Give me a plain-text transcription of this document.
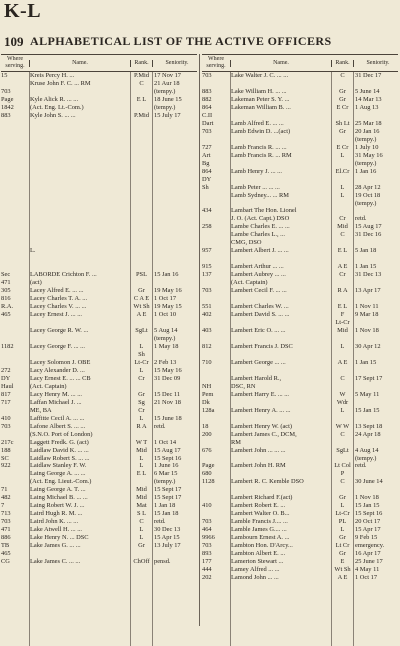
K-L
109 ALPHABETICAL LIST OF THE ACTIVE OFFICERS
Where serving.
Name.	Rank.	Seniority.
15	Kreis Percy H. ...	P.Mid 17 Nov 17
Kruse John F. C. ... RM	C	21 Aur 18
703	(tempy.)
Page	Kyle Alick R. ... ...	E L	18 June 15
1842	(Act. Eng. Lt.-Com.)	(tempy.)
883	Kyle John S. ... ...	P.Mid 15 July 17
L.
Sec	LABORDE Crichton F. ...	PSL	15 Jan 16
471	(act)
305	Lacey Alfred E. ... ...	Gr	19 May 16
816	Lacey Charles T. A. ...	C A E 1 Oct 17
R.A.	Lacey Charles V. ... ...	Wt Sh 19 May 15
465	Lacey Ernest J. ... ...	A E	1 Oct 10
Lacey George R. W. ...	SgLt 5 Aug 14
(tempy.)
1182	Lacey George F. ... ...	L	1 May 18
Sh
Lacey Solomon J. OBE	Lt-Cr 2 Feb 13
272	Lacy Alexander D. ...	L	15 May 16
DY	Lacy Ernest E. ... ... CB	Cr	31 Dec 09
Haul	(Act. Captain)
817	Lacy Henry M. ... ...	Gr	15 Dec 11
717	Laffan Michael J. ...	Sg	21 Nov 18
ME, BA	Cr
410	Laffitte Cecil A. ... ...	L	15 June 18
703	Lafone Albert S. ... ...	R A	retd.
(S.N.O. Port of London)
217c	Laggett Fredk. G. (act)	W T	1 Oct 14
188	Laidlaw David K. ... ...	Mid	15 Aug 17
SC	Laidlaw Robert S. ... ...	L	15 Sept 16
922	Laidlaw Stanley F. W.	L	1 June 16
Laing George A. ... ...	E L	6 Mar 15
(Act. Eng. Lieut.-Com.)	(tempy.)
71	Laing George A. T. ...	Mid	15 Sept 17
482	Laing Michael B. ... ...	Mid	15 Sept 17
7	Laing Robert W. J. ...	Mat	1 Jan 18
713	Laird Hugh R. M. ...	S L	15 Jan 18
703	Laird John K. ... ...	C	retd.
471	Lake Atwell H. ... ...	L	30 Dec 13
886	Lake Henry N. ... DSC	L	15 Apr 15
TB	Lake James G. ... ...	Gr	13 July 17
465
CG	Lake James C. ... ...	ChOff pensd.
Where serving.
Name.	Rank.	Seniority.
703	Lake Walter J. C. ... ...	C	31 Dec 17
883	Lake William H. ... ...	Gr	5 June 14
882	Lakeman Peter S. Y. ...	Gr	14 Mar 13
864	Lakeman William B. ...	E Cr	1 Aug 13
C.II
Dart	Lamb Alfred E. ... ...	Sh Lt 25 Mar 18
703	Lamb Edwin D. ...(act)	Gr	20 Jan 16
(tempy.)
727	Lamb Francis R. ... ...	E Cr	1 July 10
Art	Lamb Francis R. ... RM	L	31 May 16
Bg	(tempy.)
864	Lamb Henry J. ... ...	El.Cr 1 Jan 16
DY
Sh	Lamb Peter ... ... ...	L	28 Apr 12
Lamb Sydney... ... RM	L	19 Oct 18
(tempy.)
434	Lambart The Hon. Lionel
J. O. (Act. Capt.) DSO	Cr	retd.
258	Lambe Charles E. ... ...	Mid	15 Aug 17
Lambe Charles L., ...	C	31 Dec 16
CMG, DSO
957	Lambert Albert J. ... ...	E L	5 Jan 18
915	Lambert Arthur ... ...	A E	1 Jan 15
137	Lambert Aubrey ... ...	Cr	31 Dec 13
(Act. Captain)
703	Lambert Cecil F. ... ...	R A	13 Apr 17
551	Lambert Charles W. ...	E L	1 Nov 11
402	Lambert David S. ... ...	F	9 Mar 18
Lt-Cr
403	Lambert Eric O. ... ...	Mid	1 Nov 18
812	Lambert Francis J. DSC	L	30 Apr 12
710	Lambert George ... ...	A E	1 Jan 15
Lambert Harold R.,	C	17 Sept 17
NH	DSC, RN
Pem	Lambert Harry E. ... ...	W	5 May 11
Dk	Wdr
128a	Lambert Henry A. ... ...	L	15 Jan 15
18	Lambert Henry W. (act)	W W 13 Sept 18
200	Lambert James C., DCM,	C	24 Apr 18
RM
676	Lambert John ... ... ...	SgLt 4 Aug 14
(tempy.)
Page	Lambert John H. RM	Lt Col retd.
680	P
1128	Lambert R. C. Kemble DSO	C	30 June 14
Lambert Richard F.(act)	Gr	1 Nov 18
410	Lambert Robert E. ...	L	15 Jan 15
Lambert Walter O. B...	Lt-Cr 15 Sept 16
703	Lamble Francis J.... ...	PL	20 Oct 17
464	Lamble James G.... ...	L	15 Apr 17
9966	Lambourn Ernest A. ...	Gr	9 Feb 15
703	Lambton Hon. D'Arcy...	Lt Cr emergency.
893	Lambton Albert E. ...	Gr	16 Apr 17
177	Lamerton Stewart ...	E	25 June 17
444	Lamey Alfred ... ...	Wt Sh 4 May 11
202	Lamond John ... ...	A E	1 Oct 17
